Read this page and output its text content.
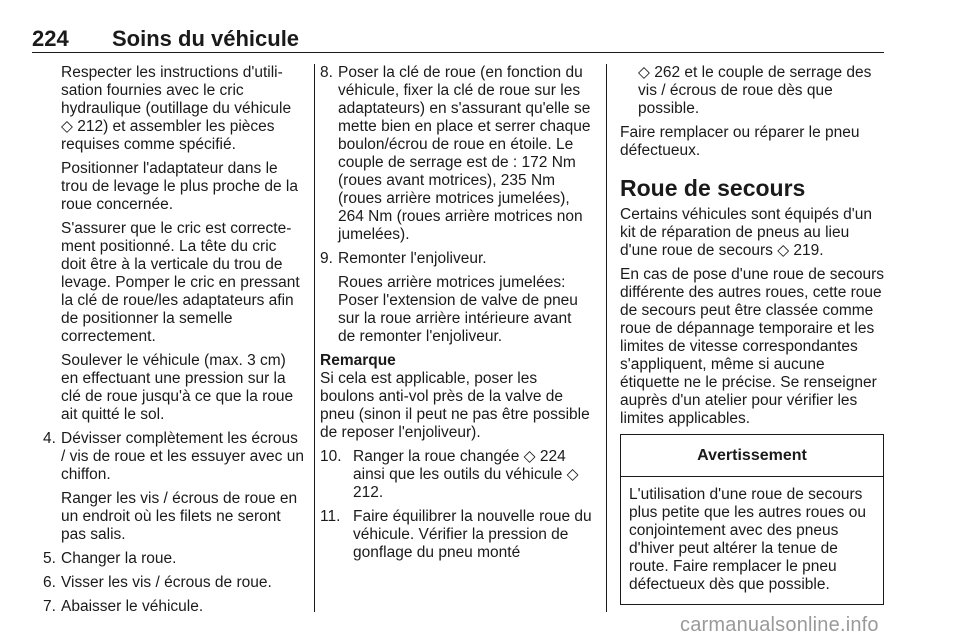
224 Soins du véhicule

Respecter les instructions d'utilisation fournies avec le cric hydraulique (outillage du véhicule ◇ 212) et assembler les pièces requises comme spécifié.

Positionner l'adaptateur dans le trou de levage le plus proche de la roue concernée.

S'assurer que le cric est correctement positionné. La tête du cric doit être à la verticale du trou de levage. Pomper le cric en pressant la clé de roue/les adaptateurs afin de positionner la semelle correctement.

Soulever le véhicule (max. 3 cm) en effectuant une pression sur la clé de roue jusqu'à ce que la roue ait quitté le sol.

4. Dévisser complètement les écrous / vis de roue et les essuyer avec un chiffon.

Ranger les vis / écrous de roue en un endroit où les filets ne seront pas salis.

5. Changer la roue.
6. Visser les vis / écrous de roue.
7. Abaisser le véhicule.
8. Poser la clé de roue (en fonction du véhicule, fixer la clé de roue sur les adaptateurs) en s'assurant qu'elle se mette bien en place et serrer chaque boulon/écrou de roue en étoile. Le couple de serrage est de : 172 Nm (roues avant motrices), 235 Nm (roues arrière motrices jumelées), 264 Nm (roues arrière motrices non jumelées).
9. Remonter l'enjoliveur.

Roues arrière motrices jumelées: Poser l'extension de valve de pneu sur la roue arrière intérieure avant de remonter l'enjoliveur.

Remarque

Si cela est applicable, poser les boulons anti-vol près de la valve de pneu (sinon il peut ne pas être possible de reposer l'enjoliveur).

10. Ranger la roue changée ◇ 224 ainsi que les outils du véhicule ◇ 212.
11. Faire équilibrer la nouvelle roue du véhicule. Vérifier la pression de gonflage du pneu monté

◇ 262 et le couple de serrage des vis / écrous de roue dès que possible.

Faire remplacer ou réparer le pneu défectueux.

Roue de secours

Certains véhicules sont équipés d'un kit de réparation de pneus au lieu d'une roue de secours ◇ 219.

En cas de pose d'une roue de secours différente des autres roues, cette roue de secours peut être classée comme roue de dépannage temporaire et les limites de vitesse correspondantes s'appliquent, même si aucune étiquette ne le précise. Se renseigner auprès d'un atelier pour vérifier les limites applicables.

Avertissement
L'utilisation d'une roue de secours plus petite que les autres roues ou conjointement avec des pneus d'hiver peut altérer la tenue de route. Faire remplacer le pneu défectueux dès que possible.
carmanualsonline.info
